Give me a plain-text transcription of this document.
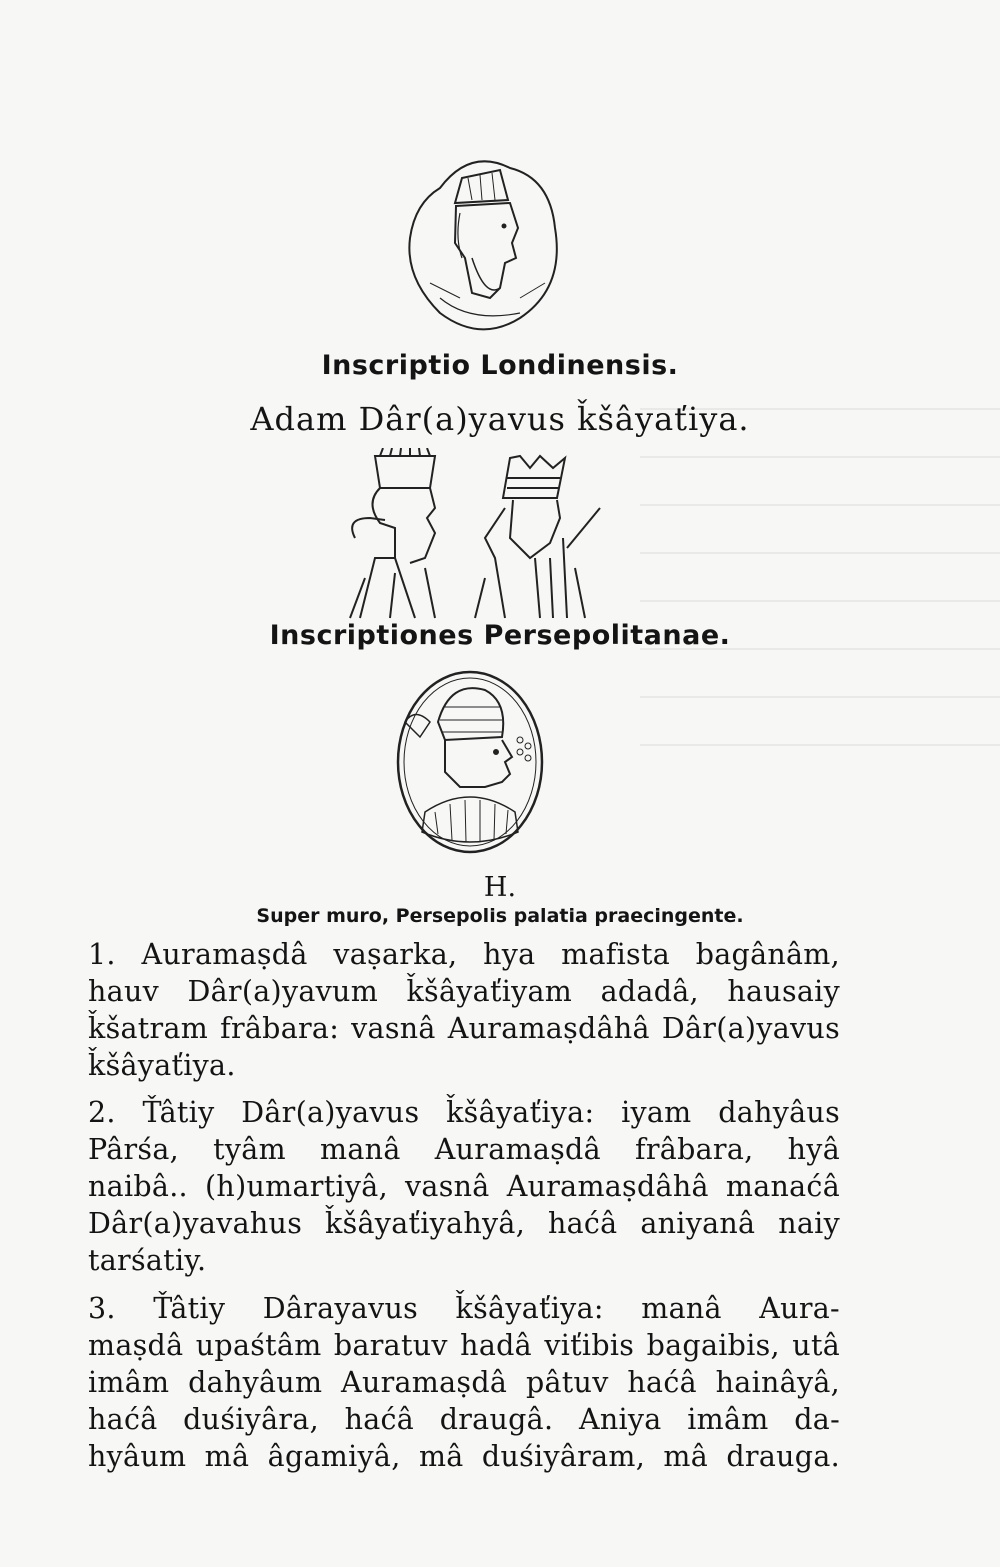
Inscriptio Londinensis.
Adam Dâr(a)yavus ǩšâyaťiya.
Inscriptiones Persepolitanae.
H.
Super muro, Persepolis palatia praecingente.
1. Auramaṣdâ vaṣarka, hya mafista bagânâm,
hauv Dâr(a)yavum ǩšâyaťiyam adadâ, hausaiy
ǩšatram frâbara: vasnâ Auramaṣdâhâ Dâr(a)yavus
ǩšâyaťiya.
2. Ťâtiy Dâr(a)yavus ǩšâyaťiya: iyam dahyâus
Pârśa, tyâm manâ Auramaṣdâ frâbara, hyâ
naibâ.. (h)umartiyâ, vasnâ Auramaṣdâhâ manaćâ
Dâr(a)yavahus ǩšâyaťiyahyâ, haćâ aniyanâ naiy
tarśatiy.
3. Ťâtiy Dârayavus ǩšâyaťiya: manâ Aura-
maṣdâ upaśtâm baratuv hadâ viťibis bagaibis, utâ
imâm dahyâum Auramaṣdâ pâtuv haćâ hainâyâ,
haćâ duśiyâra, haćâ draugâ. Aniya imâm da-
hyâum mâ âgamiyâ, mâ duśiyâram, mâ drauga.
